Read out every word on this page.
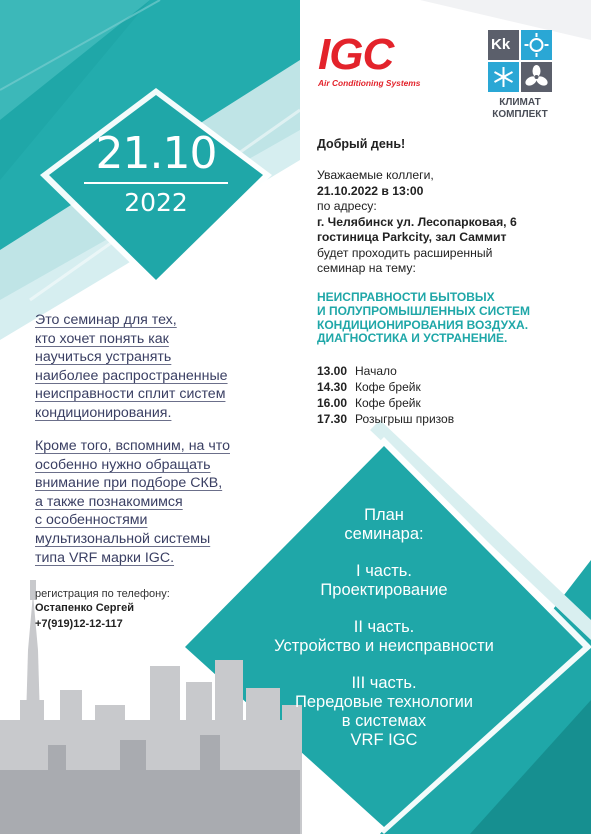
21.10
2022
IGC
Air Conditioning Systems
Kk
КЛИМАТ
КОМПЛЕКТ
Добрый день!
Уважаемые коллеги,
21.10.2022 в 13:00
по адресу:
г. Челябинск ул. Лесопарковая, 6
гостиница Parkcity, зал Саммит
будет проходить расширенный
семинар на тему:
НЕИСПРАВНОСТИ БЫТОВЫХ
И ПОЛУПРОМЫШЛЕННЫХ СИСТЕМ
КОНДИЦИОНИРОВАНИЯ ВОЗДУХА.
ДИАГНОСТИКА И УСТРАНЕНИЕ.
13.00 Начало
14.30 Кофе брейк
16.00 Кофе брейк
17.30 Розыгрыш призов
Это семинар для тех,
кто хочет понять как
научиться устранять
наиболее распространенные
неисправности сплит систем
кондиционирования.
Кроме того, вспомним, на что
особенно нужно обращать
внимание при подборе СКВ,
а также познакомимся
с особенностями
мультизональной системы
типа VRF марки IGC.
регистрация по телефону:
Остапенко Сергей
+7(919)12-12-117
План
семинара:
I часть.
Проектирование
II часть.
Устройство и неисправности
III часть.
Передовые технологии
в системах
VRF IGC
